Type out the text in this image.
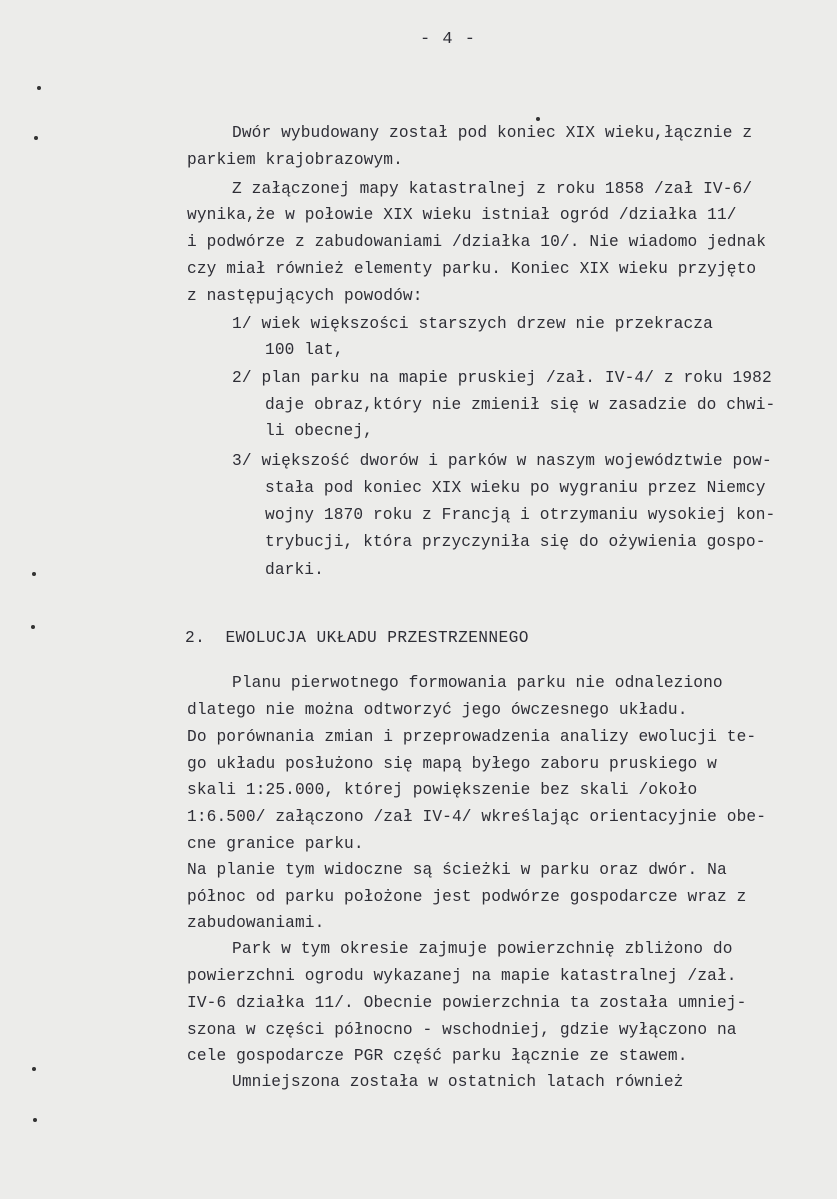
- 4 -
Dwór wybudowany został pod koniec XIX wieku,łącznie z
parkiem krajobrazowym.
Z załączonej mapy katastralnej z roku 1858 /zał IV-6/
wynika,że w połowie XIX wieku istniał ogród /działka 11/
i podwórze z zabudowaniami /działka 10/. Nie wiadomo jednak
czy miał również elementy parku. Koniec XIX wieku przyjęto
z następujących powodów:
1/ wiek większości starszych drzew nie przekracza
100 lat,
2/ plan parku na mapie pruskiej /zał. IV-4/ z roku 1982
daje obraz,który nie zmienił się w zasadzie do chwi-
li obecnej,
3/ większość dworów i parków w naszym województwie pow-
stała pod koniec XIX wieku po wygraniu przez Niemcy
wojny 1870 roku z Francją i otrzymaniu wysokiej kon-
trybucji, która przyczyniła się do ożywienia gospo-
darki.
2.  EWOLUCJA UKŁADU PRZESTRZENNEGO
Planu pierwotnego formowania parku nie odnaleziono
dlatego nie można odtworzyć jego ówczesnego układu.
Do porównania zmian i przeprowadzenia analizy ewolucji te-
go układu posłużono się mapą byłego zaboru pruskiego w
skali 1:25.000, której powiększenie bez skali /około
1:6.500/ załączono /zał IV-4/ wkreślając orientacyjnie obe-
cne granice parku.
Na planie tym widoczne są ścieżki w parku oraz dwór. Na
północ od parku położone jest podwórze gospodarcze wraz z
zabudowaniami.
Park w tym okresie zajmuje powierzchnię zbliżono do
powierzchni ogrodu wykazanej na mapie katastralnej /zał.
IV-6 działka 11/. Obecnie powierzchnia ta została umniej-
szona w części północno - wschodniej, gdzie wyłączono na
cele gospodarcze PGR część parku łącznie ze stawem.
Umniejszona została w ostatnich latach również
